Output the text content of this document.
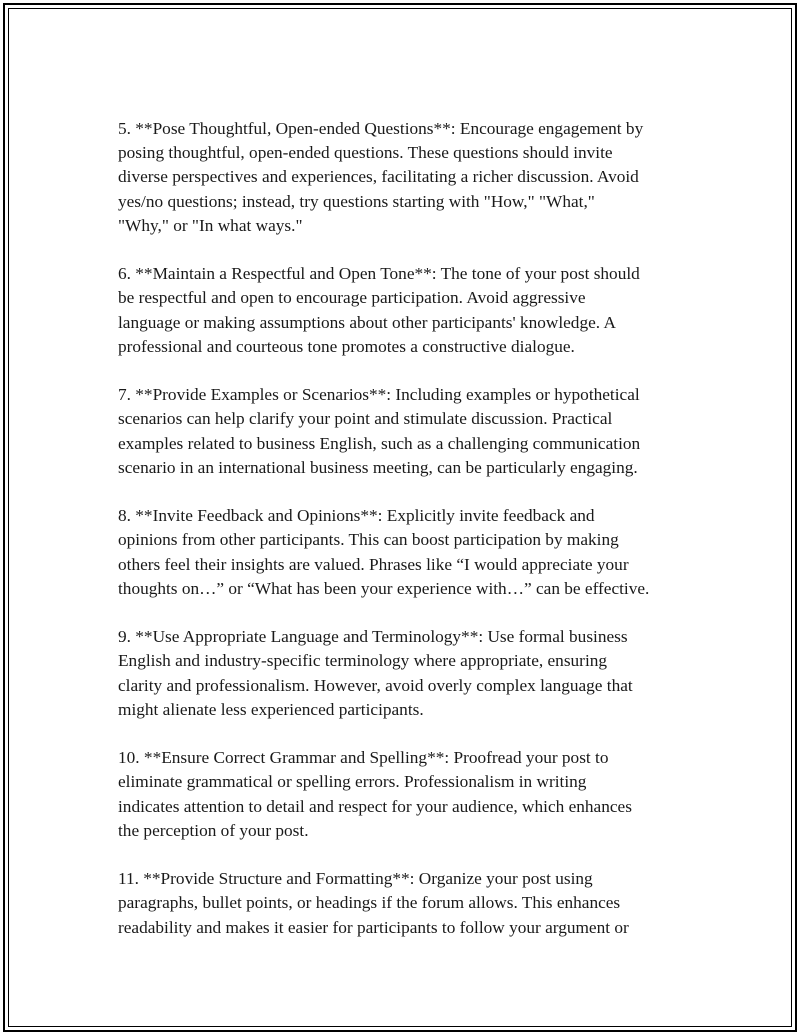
5. **Pose Thoughtful, Open-ended Questions**: Encourage engagement by
posing thoughtful, open-ended questions. These questions should invite
diverse perspectives and experiences, facilitating a richer discussion. Avoid
yes/no questions; instead, try questions starting with "How," "What,"
"Why," or "In what ways."

6. **Maintain a Respectful and Open Tone**: The tone of your post should
be respectful and open to encourage participation. Avoid aggressive
language or making assumptions about other participants' knowledge. A
professional and courteous tone promotes a constructive dialogue.

7. **Provide Examples or Scenarios**: Including examples or hypothetical
scenarios can help clarify your point and stimulate discussion. Practical
examples related to business English, such as a challenging communication
scenario in an international business meeting, can be particularly engaging.

8. **Invite Feedback and Opinions**: Explicitly invite feedback and
opinions from other participants. This can boost participation by making
others feel their insights are valued. Phrases like “I would appreciate your
thoughts on…” or “What has been your experience with…” can be effective.

9. **Use Appropriate Language and Terminology**: Use formal business
English and industry-specific terminology where appropriate, ensuring
clarity and professionalism. However, avoid overly complex language that
might alienate less experienced participants.

10. **Ensure Correct Grammar and Spelling**: Proofread your post to
eliminate grammatical or spelling errors. Professionalism in writing
indicates attention to detail and respect for your audience, which enhances
the perception of your post.

11. **Provide Structure and Formatting**: Organize your post using
paragraphs, bullet points, or headings if the forum allows. This enhances
readability and makes it easier for participants to follow your argument or
